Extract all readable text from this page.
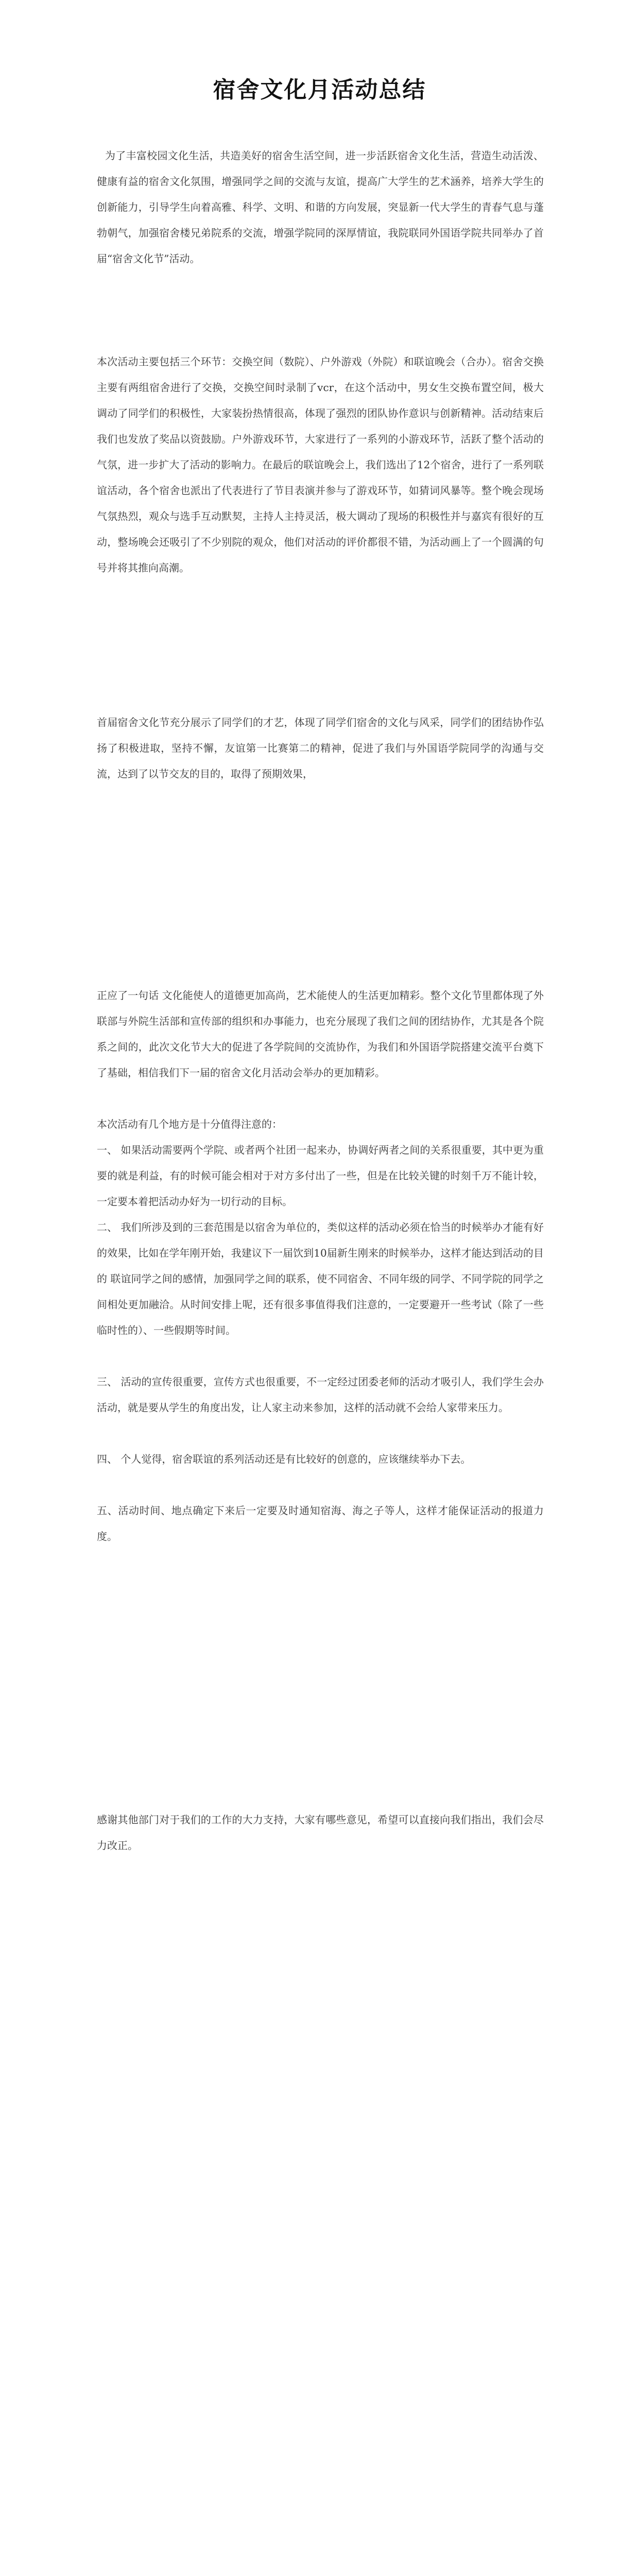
宿舍文化月活动总结

为了丰富校园文化生活，共造美好的宿舍生活空间，进一步活跃宿舍文化生活，营造生动活泼、健康有益的宿舍文化氛围，增强同学之间的交流与友谊，提高广大学生的艺术涵养，培养大学生的创新能力，引导学生向着高雅、科学、文明、和谐的方向发展，突显新一代大学生的青春气息与蓬勃朝气，加强宿舍楼兄弟院系的交流，增强学院同的深厚情谊，我院联同外国语学院共同举办了首届“宿舍文化节”活动。

本次活动主要包括三个环节：交换空间（数院）、户外游戏（外院）和联谊晚会（合办）。宿舍交换主要有两组宿舍进行了交换，交换空间时录制了vcr，在这个活动中，男女生交换布置空间，极大调动了同学们的积极性，大家装扮热情很高，体现了强烈的团队协作意识与创新精神。活动结束后我们也发放了奖品以资鼓励。户外游戏环节，大家进行了一系列的小游戏环节，活跃了整个活动的气氛，进一步扩大了活动的影响力。在最后的联谊晚会上，我们选出了12个宿舍，进行了一系列联谊活动，各个宿舍也派出了代表进行了节目表演并参与了游戏环节，如猜词风暴等。整个晚会现场气氛热烈，观众与选手互动默契，主持人主持灵活，极大调动了现场的积极性并与嘉宾有很好的互动，整场晚会还吸引了不少别院的观众，他们对活动的评价都很不错，为活动画上了一个圆满的句号并将其推向高潮。

首届宿舍文化节充分展示了同学们的才艺，体现了同学们宿舍的文化与风采，同学们的团结协作弘扬了积极进取，坚持不懈，友谊第一比赛第二的精神，促进了我们与外国语学院同学的沟通与交流，达到了以节交友的目的，取得了预期效果，

正应了一句话 文化能使人的道德更加高尚，艺术能使人的生活更加精彩。整个文化节里都体现了外联部与外院生活部和宣传部的组织和办事能力，也充分展现了我们之间的团结协作，尤其是各个院系之间的，此次文化节大大的促进了各学院间的交流协作，为我们和外国语学院搭建交流平台奠下了基础，相信我们下一届的宿舍文化月活动会举办的更加精彩。

本次活动有几个地方是十分值得注意的：

一、 如果活动需要两个学院、或者两个社团一起来办，协调好两者之间的关系很重要，其中更为重要的就是利益，有的时候可能会相对于对方多付出了一些，但是在比较关键的时刻千万不能计较，一定要本着把活动办好为一切行动的目标。

二、 我们所涉及到的三套范围是以宿舍为单位的，类似这样的活动必须在恰当的时候举办才能有好的效果，比如在学年刚开始，我建议下一届饮到10届新生刚来的时候举办，这样才能达到活动的目的 联谊同学之间的感情，加强同学之间的联系，使不同宿舍、不同年级的同学、不同学院的同学之间相处更加融洽。从时间安排上呢，还有很多事值得我们注意的，一定要避开一些考试（除了一些临时性的）、一些假期等时间。

三、 活动的宣传很重要，宣传方式也很重要，不一定经过团委老师的活动才吸引人，我们学生会办活动，就是要从学生的角度出发，让人家主动来参加，这样的活动就不会给人家带来压力。

四、 个人觉得，宿舍联谊的系列活动还是有比较好的创意的，应该继续举办下去。

五、活动时间、地点确定下来后一定要及时通知宿海、海之子等人，这样才能保证活动的报道力度。

感谢其他部门对于我们的工作的大力支持，大家有哪些意见，希望可以直接向我们指出，我们会尽力改正。
